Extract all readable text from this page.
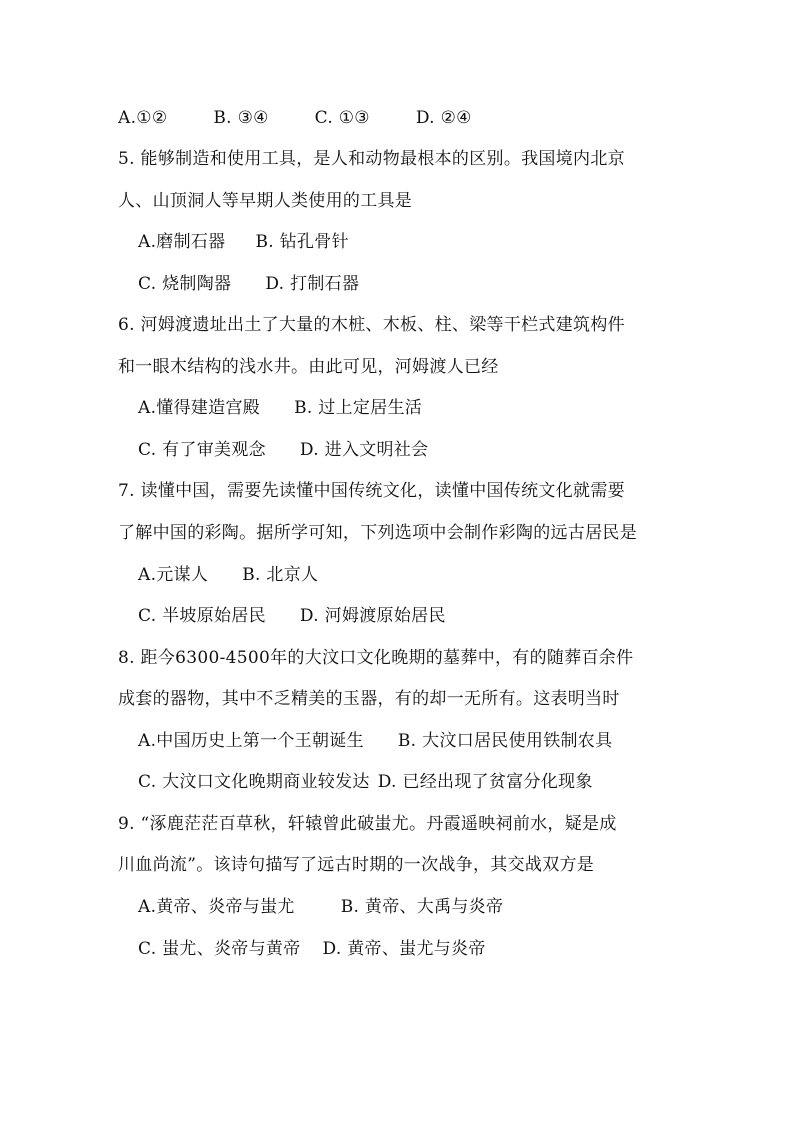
A.①②	B. ③④	C. ①③	D. ②④
5. 能够制造和使用工具，是人和动物最根本的区别。我国境内北京
人、山顶洞人等早期人类使用的工具是
A.磨制石器 B. 钻孔骨针
C. 烧制陶器 D. 打制石器
6. 河姆渡遗址出土了大量的木桩、木板、柱、梁等干栏式建筑构件
和一眼木结构的浅水井。由此可见，河姆渡人已经
A.懂得建造宫殿 B. 过上定居生活
C. 有了审美观念 D. 进入文明社会
7. 读懂中国，需要先读懂中国传统文化，读懂中国传统文化就需要
了解中国的彩陶。据所学可知，下列选项中会制作彩陶的远古居民是
A.元谋人 B. 北京人
C. 半坡原始居民 D. 河姆渡原始居民
8. 距今6300-4500年的大汶口文化晚期的墓葬中，有的随葬百余件
成套的器物，其中不乏精美的玉器，有的却一无所有。这表明当时
A.中国历史上第一个王朝诞生 B. 大汶口居民使用铁制农具
C. 大汶口文化晚期商业较发达 D. 已经出现了贫富分化现象
9. “涿鹿茫茫百草秋，轩辕曾此破蚩尤。丹霞遥映祠前水，疑是成
川血尚流”。该诗句描写了远古时期的一次战争，其交战双方是
A.黄帝、炎帝与蚩尤	B. 黄帝、大禹与炎帝
C. 蚩尤、炎帝与黄帝 D. 黄帝、蚩尤与炎帝
